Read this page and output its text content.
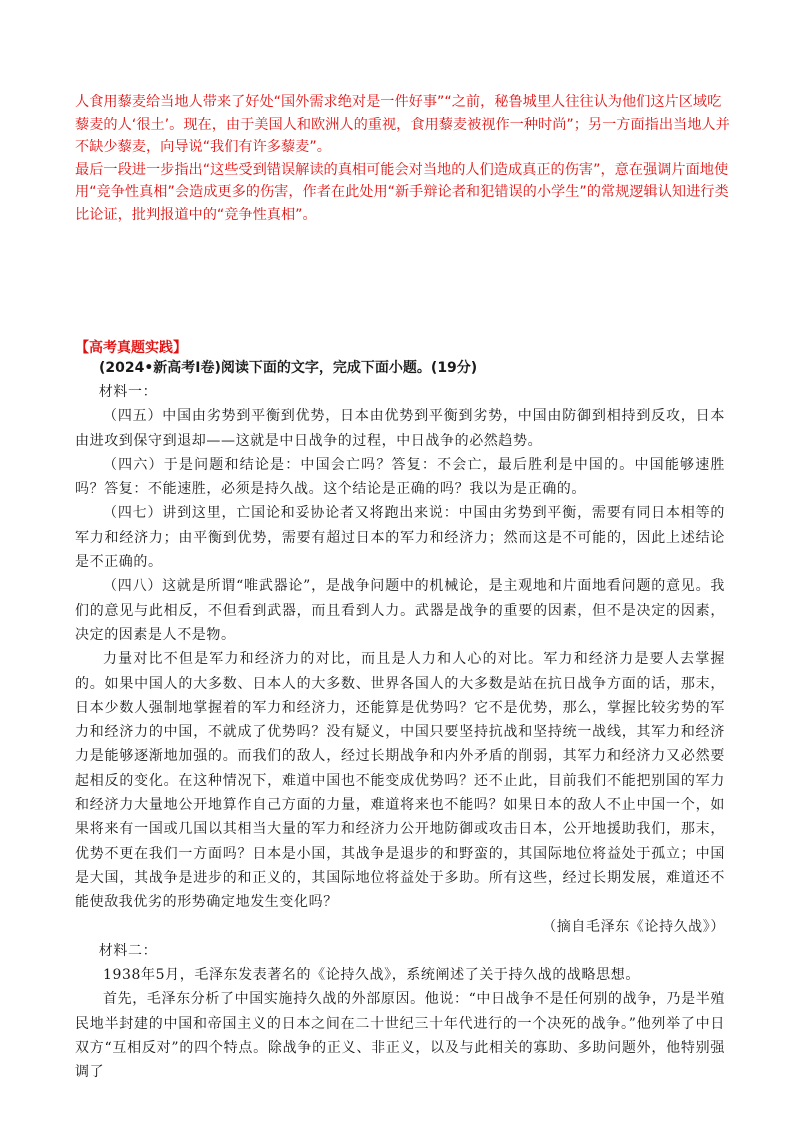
人食用藜麦给当地人带来了好处“国外需求绝对是一件好事”“之前，秘鲁城里人往往认为他们这片区域吃藜麦的人‘很土’。现在，由于美国人和欧洲人的重视，食用藜麦被视作一种时尚”；另一方面指出当地人并不缺少藜麦，向导说“我们有许多藜麦”。

最后一段进一步指出“这些受到错误解读的真相可能会对当地的人们造成真正的伤害”，意在强调片面地使用“竞争性真相”会造成更多的伤害，作者在此处用“新手辩论者和犯错误的小学生”的常规逻辑认知进行类比论证，批判报道中的“竞争性真相”。

【高考真题实践】
(2024•新高考Ⅰ卷)阅读下面的文字，完成下面小题。(19分)

材料一：

（四五）中国由劣势到平衡到优势，日本由优势到平衡到劣势，中国由防御到相持到反攻，日本由进攻到保守到退却——这就是中日战争的过程，中日战争的必然趋势。

（四六）于是问题和结论是：中国会亡吗？答复：不会亡，最后胜利是中国的。中国能够速胜吗？答复：不能速胜，必须是持久战。这个结论是正确的吗？我以为是正确的。

（四七）讲到这里，亡国论和妥协论者又将跑出来说：中国由劣势到平衡，需要有同日本相等的军力和经济力；由平衡到优势，需要有超过日本的军力和经济力；然而这是不可能的，因此上述结论是不正确的。

（四八）这就是所谓“唯武器论”，是战争问题中的机械论，是主观地和片面地看问题的意见。我们的意见与此相反，不但看到武器，而且看到人力。武器是战争的重要的因素，但不是决定的因素，决定的因素是人不是物。

力量对比不但是军力和经济力的对比，而且是人力和人心的对比。军力和经济力是要人去掌握的。如果中国人的大多数、日本人的大多数、世界各国人的大多数是站在抗日战争方面的话，那末，日本少数人强制地掌握着的军力和经济力，还能算是优势吗？它不是优势，那么，掌握比较劣势的军力和经济力的中国，不就成了优势吗？没有疑义，中国只要坚持抗战和坚持统一战线，其军力和经济力是能够逐渐地加强的。而我们的敌人，经过长期战争和内外矛盾的削弱，其军力和经济力又必然要起相反的变化。在这种情况下，难道中国也不能变成优势吗？还不止此，目前我们不能把别国的军力和经济力大量地公开地算作自己方面的力量，难道将来也不能吗？如果日本的敌人不止中国一个，如果将来有一国或几国以其相当大量的军力和经济力公开地防御或攻击日本，公开地援助我们，那末，优势不更在我们一方面吗？日本是小国，其战争是退步的和野蛮的，其国际地位将益处于孤立；中国是大国，其战争是进步的和正义的，其国际地位将益处于多助。所有这些，经过长期发展，难道还不能使敌我优劣的形势确定地发生变化吗？

（摘自毛泽东《论持久战》）

材料二：

1938年5月，毛泽东发表著名的《论持久战》，系统阐述了关于持久战的战略思想。

首先，毛泽东分析了中国实施持久战的外部原因。他说：“中日战争不是任何别的战争，乃是半殖民地半封建的中国和帝国主义的日本之间在二十世纪三十年代进行的一个决死的战争。”他列举了中日双方“互相反对”的四个特点。除战争的正义、非正义，以及与此相关的寡助、多助问题外，他特别强调了
